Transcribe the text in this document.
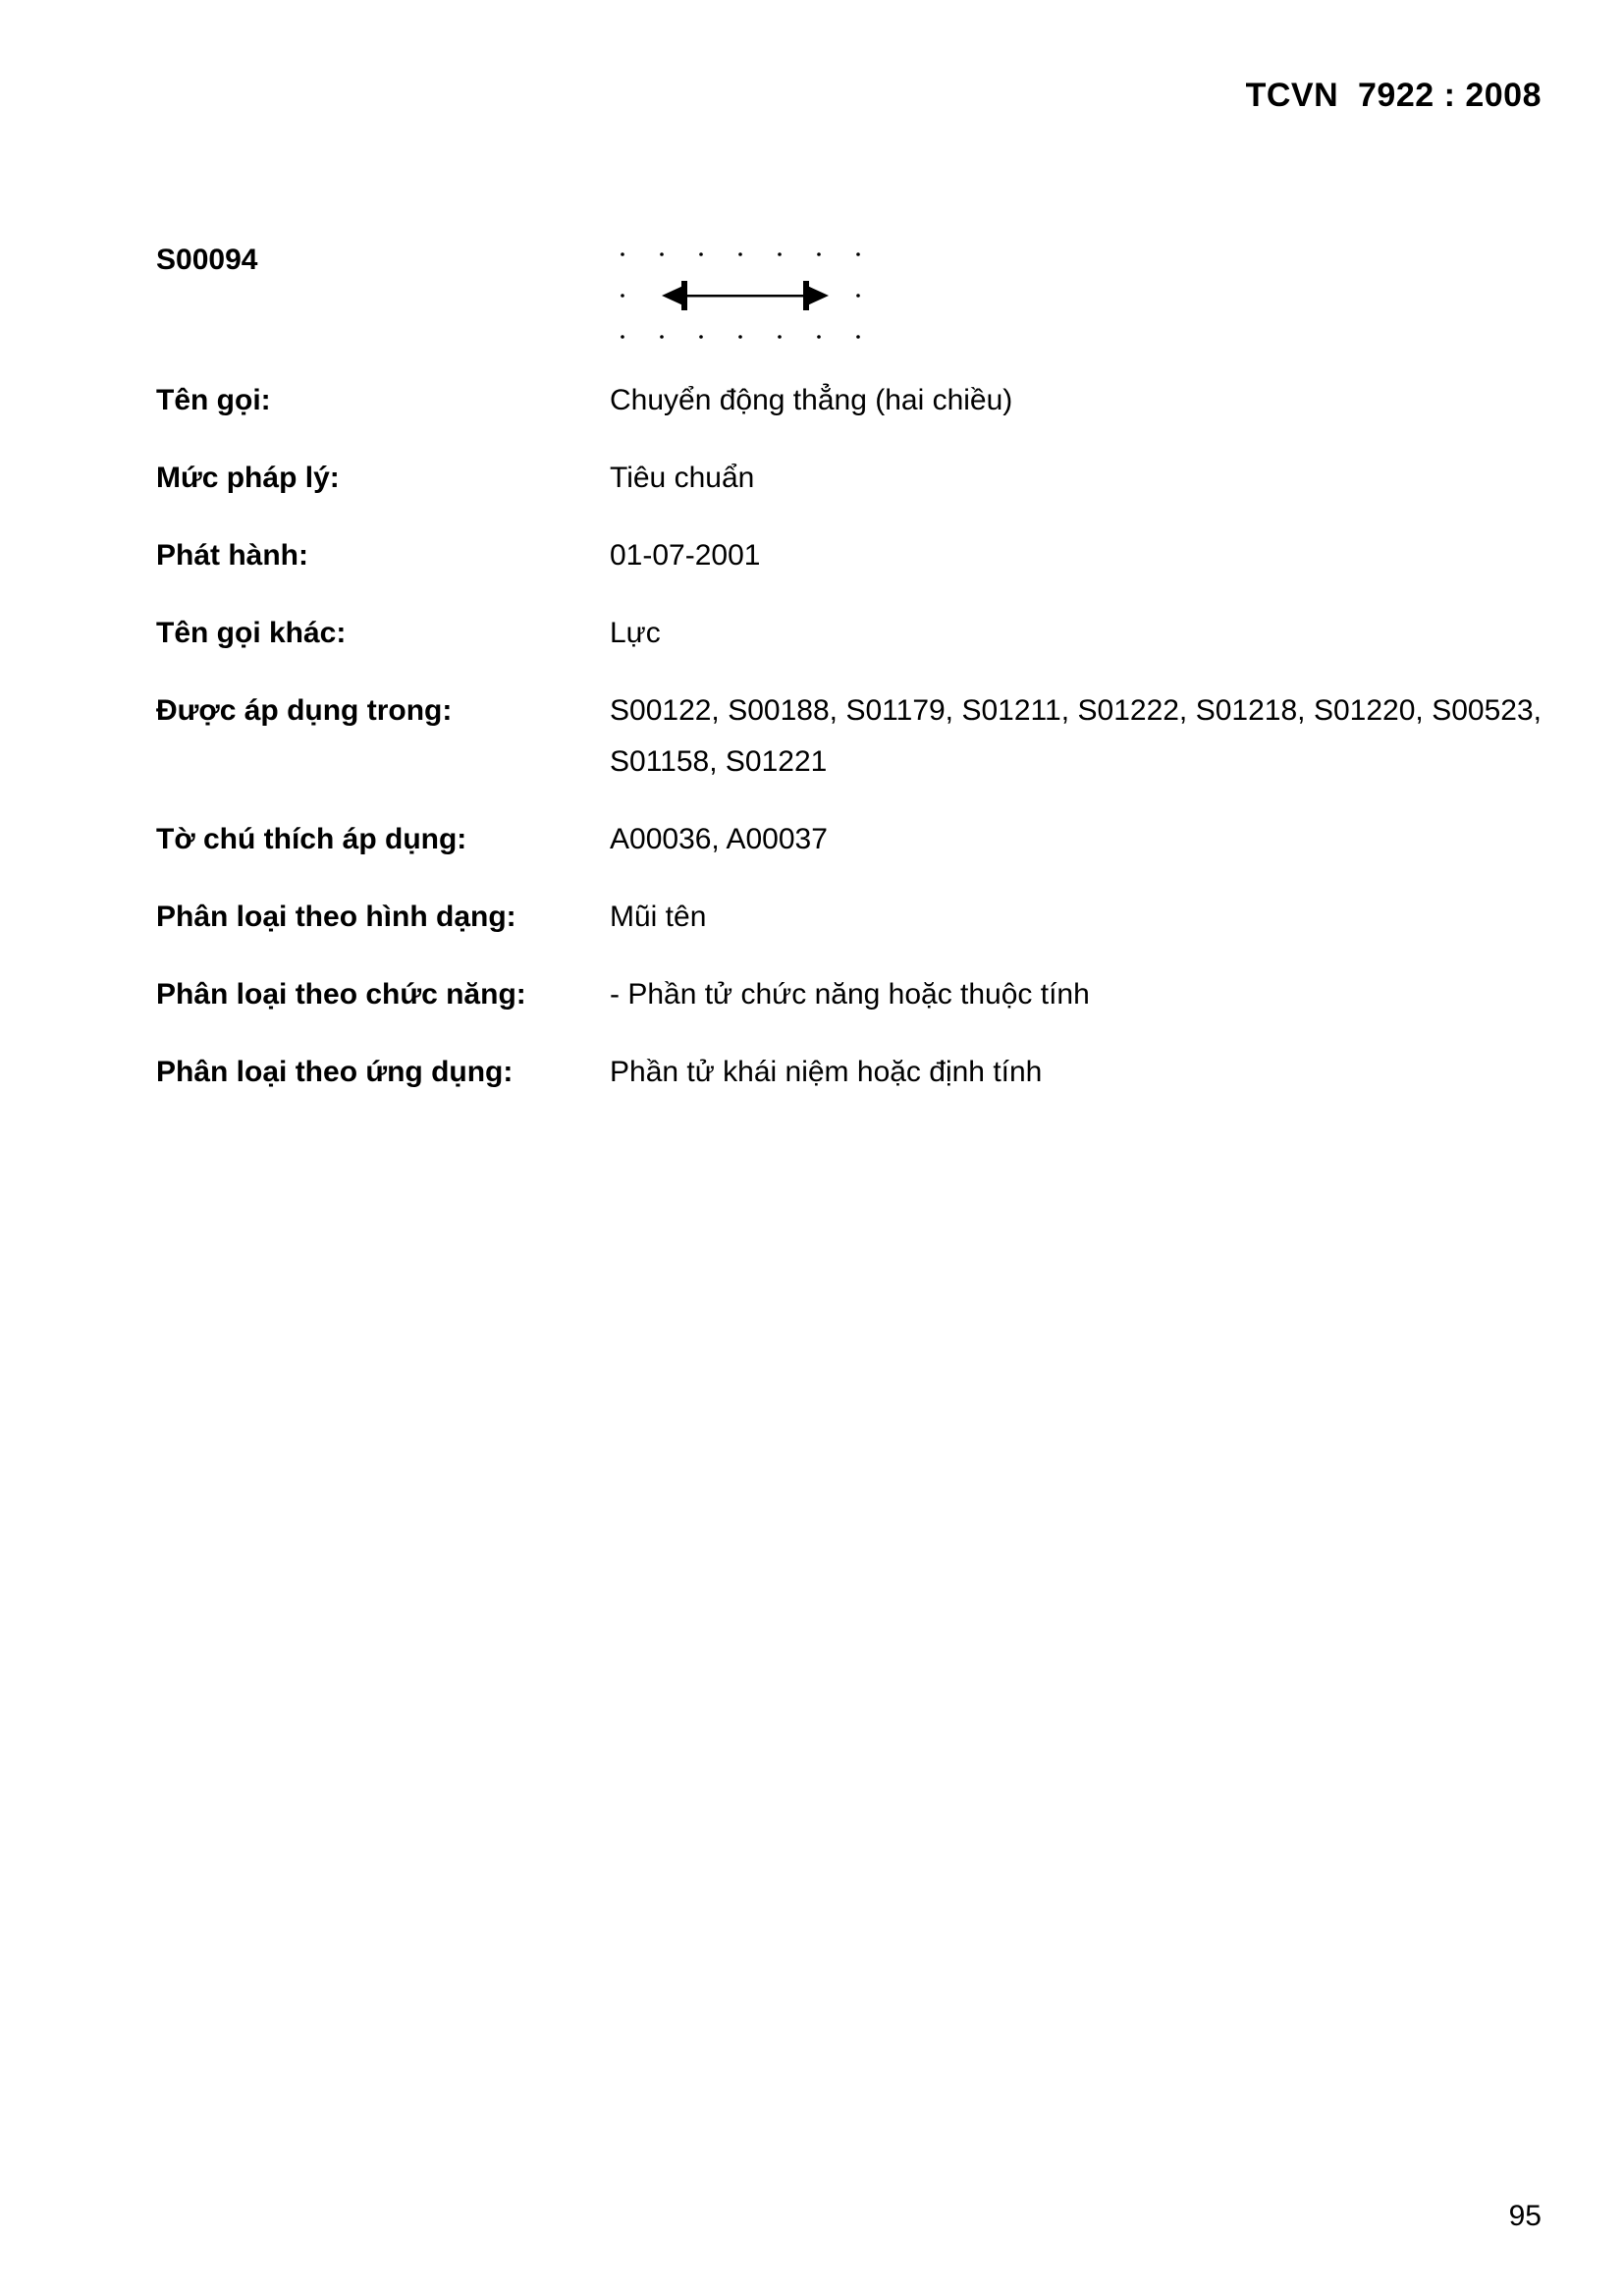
TCVN  7922 : 2008
S00094
Tên gọi:	Chuyển động thẳng (hai chiều)
Mức pháp lý:	Tiêu chuẩn
Phát hành:	01-07-2001
Tên gọi khác:	Lực
Được áp dụng trong:	S00122, S00188, S01179, S01211, S01222, S01218, S01220, S00523, S01158, S01221
Tờ chú thích áp dụng:	A00036, A00037
Phân loại theo hình dạng:	Mũi tên
Phân loại theo chức năng:	- Phần tử chức năng hoặc thuộc tính
Phân loại theo ứng dụng:	Phần tử khái niệm hoặc định tính
95
